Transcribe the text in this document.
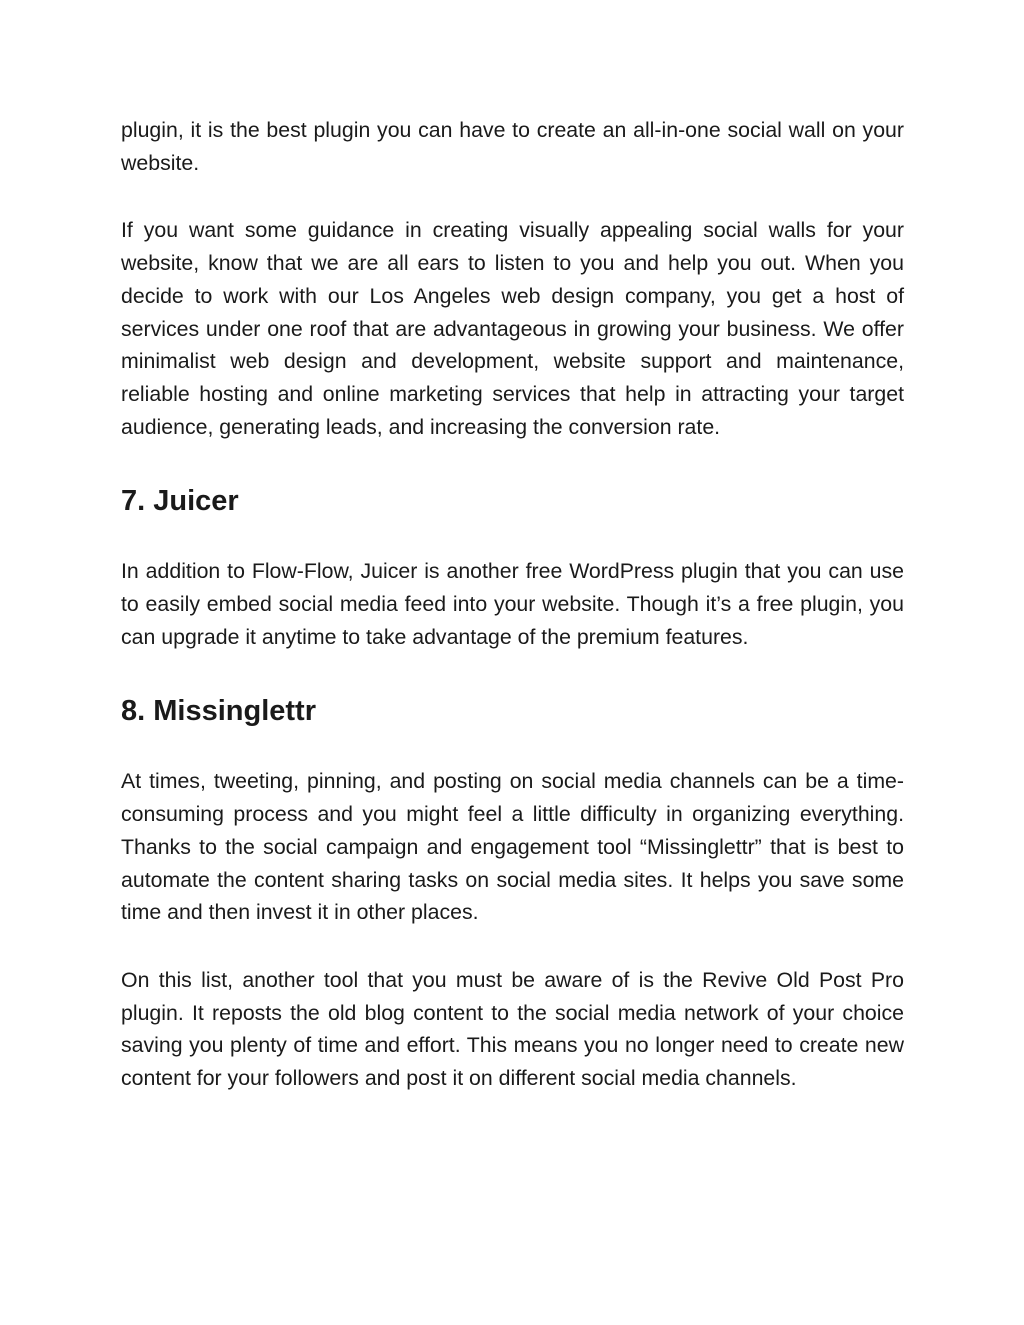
plugin, it is the best plugin you can have to create an all-in-one social wall on your website.

If you want some guidance in creating visually appealing social walls for your website, know that we are all ears to listen to you and help you out. When you decide to work with our Los Angeles web design company, you get a host of services under one roof that are advantageous in growing your business. We offer minimalist web design and development, website support and maintenance, reliable hosting and online marketing services that help in attracting your target audience, generating leads, and increasing the conversion rate.

7. Juicer

In addition to Flow-Flow, Juicer is another free WordPress plugin that you can use to easily embed social media feed into your website. Though it’s a free plugin, you can upgrade it anytime to take advantage of the premium features.

8. Missinglettr

At times, tweeting, pinning, and posting on social media channels can be a time-consuming process and you might feel a little difficulty in organizing everything. Thanks to the social campaign and engagement tool “Missinglettr” that is best to automate the content sharing tasks on social media sites. It helps you save some time and then invest it in other places.

On this list, another tool that you must be aware of is the Revive Old Post Pro plugin. It reposts the old blog content to the social media network of your choice saving you plenty of time and effort. This means you no longer need to create new content for your followers and post it on different social media channels.
